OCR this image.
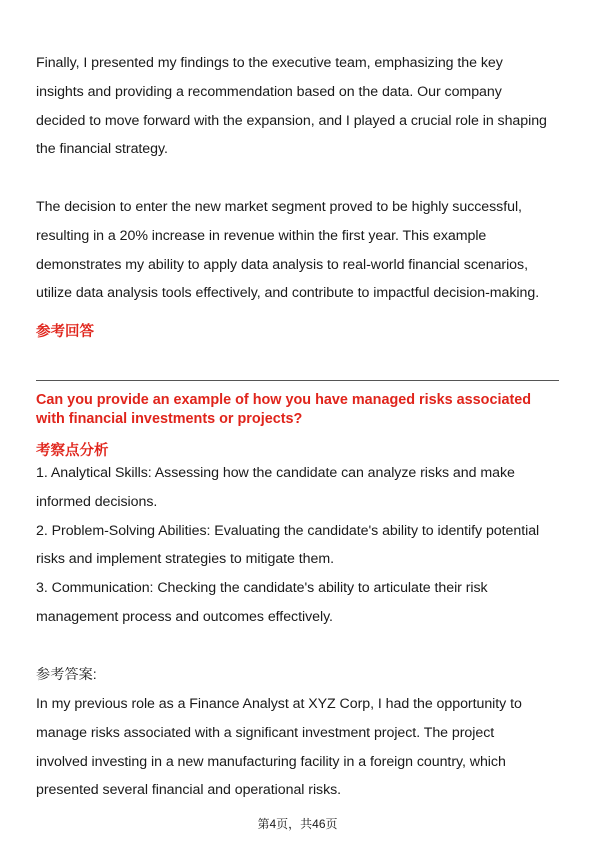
Finally, I presented my findings to the executive team, emphasizing the key
insights and providing a recommendation based on the data. Our company
decided to move forward with the expansion, and I played a crucial role in shaping
the financial strategy.

The decision to enter the new market segment proved to be highly successful,
resulting in a 20% increase in revenue within the first year. This example
demonstrates my ability to apply data analysis to real-world financial scenarios,
utilize data analysis tools effectively, and contribute to impactful decision-making.

参考回答

Can you provide an example of how you have managed risks associated
with financial investments or projects?

考察点分析

1. Analytical Skills: Assessing how the candidate can analyze risks and make
informed decisions.
2. Problem-Solving Abilities: Evaluating the candidate's ability to identify potential
risks and implement strategies to mitigate them.
3. Communication: Checking the candidate's ability to articulate their risk
management process and outcomes effectively.

参考答案:

In my previous role as a Finance Analyst at XYZ Corp, I had the opportunity to
manage risks associated with a significant investment project. The project
involved investing in a new manufacturing facility in a foreign country, which
presented several financial and operational risks.

第4页，共46页
